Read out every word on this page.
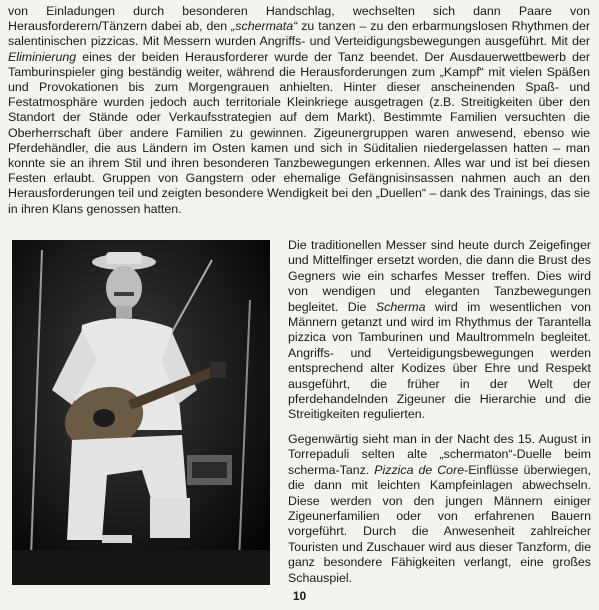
von Einladungen durch besonderen Handschlag, wechselten sich dann Paare von Herausforderern/Tänzern dabei ab, den „schermata“ zu tanzen – zu den erbarmungslosen Rhythmen der salentinischen pizzicas. Mit Messern wurden Angriffs- und Verteidigungsbewegungen ausgeführt. Mit der Eliminierung eines der beiden Herausforderer wurde der Tanz beendet. Der Ausdauerwettbewerb der Tamburinspieler ging beständig weiter, während die Herausforderungen zum „Kampf“ mit vielen Späßen und Provokationen bis zum Morgengrauen anhielten. Hinter dieser anscheinenden Spaß- und Festatmosphäre wurden jedoch auch territoriale Kleinkriege ausgetragen (z.B. Streitigkeiten über den Standort der Stände oder Verkaufsstrategien auf dem Markt). Bestimmte Familien versuchten die Oberherrschaft über andere Familien zu gewinnen. Zigeunergruppen waren anwesend, ebenso wie Pferdehändler, die aus Ländern im Osten kamen und sich in Süditalien niedergelassen hatten – man konnte sie an ihrem Stil und ihren besonderen Tanzbewegungen erkennen. Alles war und ist bei diesen Festen erlaubt. Gruppen von Gangstern oder ehemalige Gefängnisinsassen nahmen auch an den Herausforderungen teil und zeigten besondere Wendigkeit bei den „Duellen“ – dank des Trainings, das sie in ihren Klans genossen hatten.

Die traditionellen Messer sind heute durch Zeigefinger und Mittelfinger ersetzt worden, die dann die Brust des Gegners wie ein scharfes Messer treffen. Dies wird von wendigen und eleganten Tanzbewegungen begleitet. Die Scherma wird im wesentlichen von Männern getanzt und wird im Rhythmus der Tarantella pizzica von Tamburinen und Maultrommeln begleitet. Angriffs- und Verteidigungsbewegungen werden entsprechend alter Kodizes über Ehre und Respekt ausgeführt, die früher in der Welt der pferdehandelnden Zigeuner die Hierarchie und die Streitigkeiten regulierten.

Gegenwärtig sieht man in der Nacht des 15. August in Torrepaduli selten alte „schermaton“-Duelle beim scherma-Tanz. Pizzica de Core-Einflüsse überwiegen, die dann mit leichten Kampfeinlagen abwechseln. Diese werden von den jungen Männern einiger Zigeunerfamilien oder von erfahrenen Bauern vorgeführt. Durch die Anwesenheit zahlreicher Touristen und Zuschauer wird aus dieser Tanzform, die ganz besondere Fähigkeiten verlangt, eine großes Schauspiel.

10
